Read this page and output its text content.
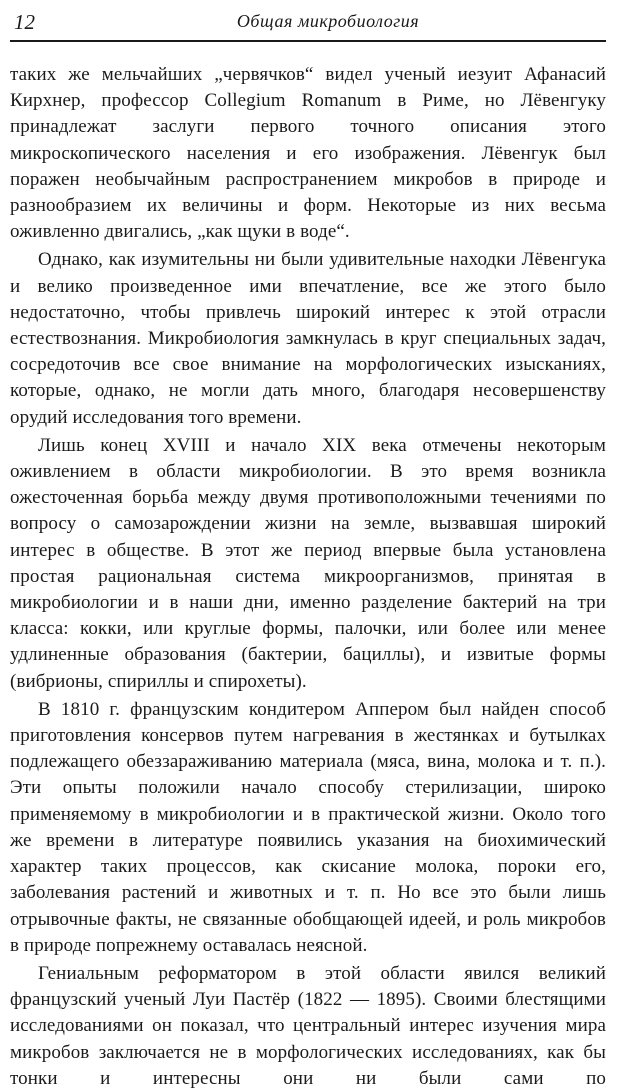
12	Общая микробиология

таких же мельчайших „червячков“ видел ученый иезуит Афанасий Кирхнер, профессор Collegium Romanum в Риме, но Лёвенгуку принадлежат заслуги первого точного описания этого микроскопического населения и его изображения. Лёвенгук был поражен необычайным распространением микробов в природе и разнообразием их величины и форм. Некоторые из них весьма оживленно двигались, „как щуки в воде“.

Однако, как изумительны ни были удивительные находки Лёвенгука и велико произведенное ими впечатление, все же этого было недостаточно, чтобы привлечь широкий интерес к этой отрасли естествознания. Микробиология замкнулась в круг специальных задач, сосредоточив все свое внимание на морфологических изысканиях, которые, однако, не могли дать много, благодаря несовершенству орудий исследования того времени.

Лишь конец XVIII и начало XIX века отмечены некоторым оживлением в области микробиологии. В это время возникла ожесточенная борьба между двумя противоположными течениями по вопросу о самозарождении жизни на земле, вызвавшая широкий интерес в обществе. В этот же период впервые была установлена простая рациональная система микроорганизмов, принятая в микробиологии и в наши дни, именно разделение бактерий на три класса: кокки, или круглые формы, палочки, или более или менее удлиненные образования (бактерии, бациллы), и извитые формы (вибрионы, спириллы и спирохеты).

В 1810 г. французским кондитером Аппером был найден способ приготовления консервов путем нагревания в жестянках и бутылках подлежащего обеззараживанию материала (мяса, вина, молока и т. п.). Эти опыты положили начало способу стерилизации, широко применяемому в микробиологии и в практической жизни. Около того же времени в литературе появились указания на биохимический характер таких процессов, как скисание молока, пороки его, заболевания растений и животных и т. п. Но все это были лишь отрывочные факты, не связанные обобщающей идеей, и роль микробов в природе попрежнему оставалась неясной.

Гениальным реформатором в этой области явился великий французский ученый Луи Пастёр (1822 — 1895). Своими блестящими исследованиями он показал, что центральный интерес изучения мира микробов заключается не в морфологических исследованиях, как бы тонки и интересны они ни были сами по
